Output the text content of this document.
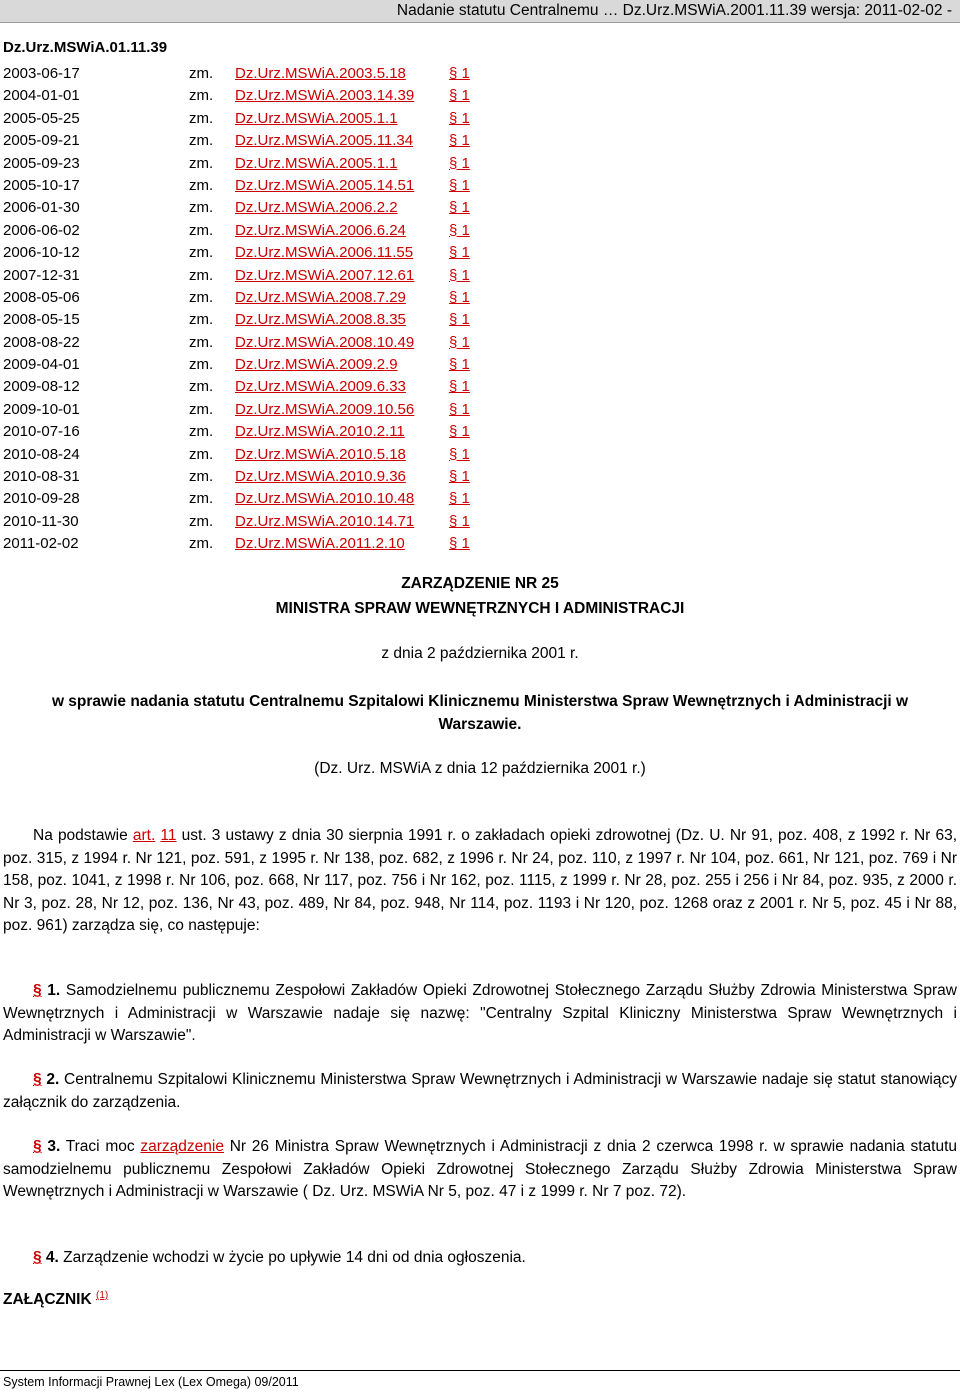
Nadanie statutu Centralnemu … Dz.Urz.MSWiA.2001.11.39 wersja: 2011-02-02 -
Dz.Urz.MSWiA.01.11.39
2003-06-17	zm. Dz.Urz.MSWiA.2003.5.18	§ 1
2004-01-01	zm. Dz.Urz.MSWiA.2003.14.39 § 1
2005-05-25	zm. Dz.Urz.MSWiA.2005.1.1	§ 1
2005-09-21	zm. Dz.Urz.MSWiA.2005.11.34 § 1
2005-09-23	zm. Dz.Urz.MSWiA.2005.1.1	§ 1
2005-10-17	zm. Dz.Urz.MSWiA.2005.14.51 § 1
2006-01-30	zm. Dz.Urz.MSWiA.2006.2.2	§ 1
2006-06-02	zm. Dz.Urz.MSWiA.2006.6.24	§ 1
2006-10-12	zm. Dz.Urz.MSWiA.2006.11.55 § 1
2007-12-31	zm. Dz.Urz.MSWiA.2007.12.61 § 1
2008-05-06	zm. Dz.Urz.MSWiA.2008.7.29	§ 1
2008-05-15	zm. Dz.Urz.MSWiA.2008.8.35	§ 1
2008-08-22	zm. Dz.Urz.MSWiA.2008.10.49 § 1
2009-04-01	zm. Dz.Urz.MSWiA.2009.2.9	§ 1
2009-08-12	zm. Dz.Urz.MSWiA.2009.6.33	§ 1
2009-10-01	zm. Dz.Urz.MSWiA.2009.10.56 § 1
2010-07-16	zm. Dz.Urz.MSWiA.2010.2.11	§ 1
2010-08-24	zm. Dz.Urz.MSWiA.2010.5.18	§ 1
2010-08-31	zm. Dz.Urz.MSWiA.2010.9.36	§ 1
2010-09-28	zm. Dz.Urz.MSWiA.2010.10.48 § 1
2010-11-30	zm. Dz.Urz.MSWiA.2010.14.71 § 1
2011-02-02	zm. Dz.Urz.MSWiA.2011.2.10	§ 1
ZARZĄDZENIE NR 25
MINISTRA SPRAW WEWNĘTRZNYCH I ADMINISTRACJI
z dnia 2 października 2001 r.
w sprawie nadania statutu Centralnemu Szpitalowi Klinicznemu Ministerstwa Spraw Wewnętrznych i Administracji w Warszawie.
(Dz. Urz. MSWiA z dnia 12 października 2001 r.)
Na podstawie art. 11 ust. 3 ustawy z dnia 30 sierpnia 1991 r. o zakładach opieki zdrowotnej (Dz. U. Nr 91, poz. 408, z 1992 r. Nr 63, poz. 315, z 1994 r. Nr 121, poz. 591, z 1995 r. Nr 138, poz. 682, z 1996 r. Nr 24, poz. 110, z 1997 r. Nr 104, poz. 661, Nr 121, poz. 769 i Nr 158, poz. 1041, z 1998 r. Nr 106, poz. 668, Nr 117, poz. 756 i Nr 162, poz. 1115, z 1999 r. Nr 28, poz. 255 i 256 i Nr 84, poz. 935, z 2000 r. Nr 3, poz. 28, Nr 12, poz. 136, Nr 43, poz. 489, Nr 84, poz. 948, Nr 114, poz. 1193 i Nr 120, poz. 1268 oraz z 2001 r. Nr 5, poz. 45 i Nr 88, poz. 961) zarządza się, co następuje:
§ 1. Samodzielnemu publicznemu Zespołowi Zakładów Opieki Zdrowotnej Stołecznego Zarządu Służby Zdrowia Ministerstwa Spraw Wewnętrznych i Administracji w Warszawie nadaje się nazwę: "Centralny Szpital Kliniczny Ministerstwa Spraw Wewnętrznych i Administracji w Warszawie".
§ 2. Centralnemu Szpitalowi Klinicznemu Ministerstwa Spraw Wewnętrznych i Administracji w Warszawie nadaje się statut stanowiący załącznik do zarządzenia.
§ 3. Traci moc zarządzenie Nr 26 Ministra Spraw Wewnętrznych i Administracji z dnia 2 czerwca 1998 r. w sprawie nadania statutu samodzielnemu publicznemu Zespołowi Zakładów Opieki Zdrowotnej Stołecznego Zarządu Służby Zdrowia Ministerstwa Spraw Wewnętrznych i Administracji w Warszawie ( Dz. Urz. MSWiA Nr 5, poz. 47 i z 1999 r. Nr 7 poz. 72).
§ 4. Zarządzenie wchodzi w życie po upływie 14 dni od dnia ogłoszenia.
ZAŁĄCZNIK $^{(1)}$
System Informacji Prawnej Lex (Lex Omega) 09/2011
